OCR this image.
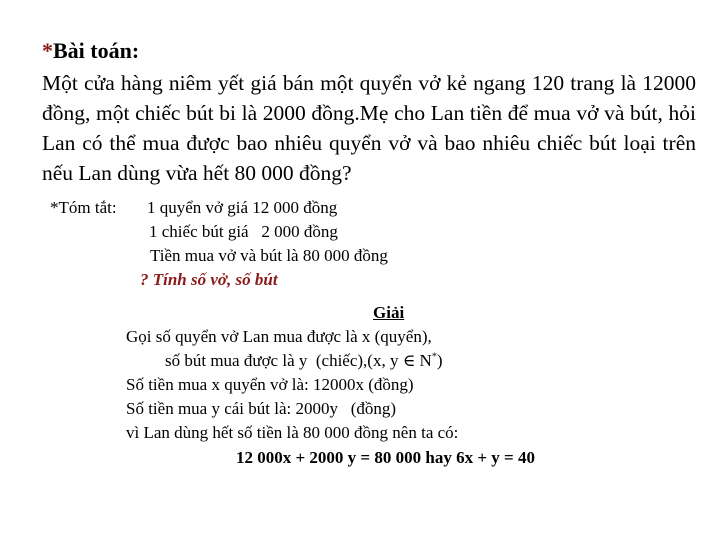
*Bài toán:
Một cửa hàng niêm yết giá bán một quyển vở kẻ ngang 120 trang là 12000 đồng, một chiếc bút bi là 2000 đồng.Mẹ cho Lan tiền để mua vở và bút, hỏi Lan có thể mua được bao nhiêu quyển vở và bao nhiêu chiếc bút loại trên nếu Lan dùng vừa hết 80 000 đồng?
*Tóm tắt: 1 quyển vở giá 12 000 đồng
1 chiếc bút giá   2 000 đồng
Tiền mua vở và bút là 80 000 đồng
? Tính số vở, số bút
Giải
Gọi số quyển vở Lan mua được là x (quyển),
số bút mua được là y  (chiếc),(x, y ∈ N*)
Số tiền mua x quyển vở là: 12000x (đồng)
Số tiền mua y cái bút là: 2000y   (đồng)
vì Lan dùng hết số tiền là 80 000 đồng nên ta có:
12 000x + 2000 y = 80 000 hay 6x + y = 40
